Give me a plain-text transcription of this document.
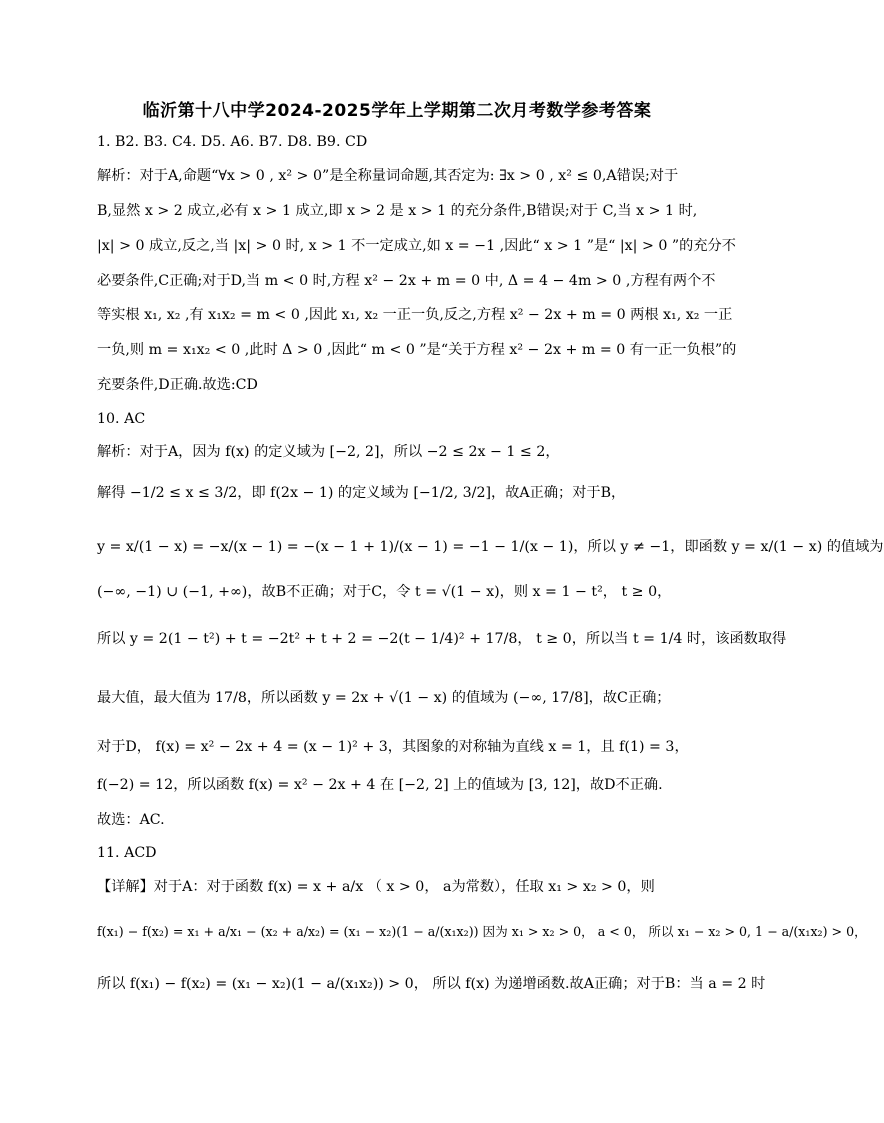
临沂第十八中学2024-2025学年上学期第二次月考数学参考答案
1. B2. B3. C4. D5. A6. B7. D8. B9. CD
解析：对于A,命题“∀x > 0 , x² > 0”是全称量词命题,其否定为: ∃x > 0 , x² ≤ 0,A错误;对于
B,显然 x > 2 成立,必有 x > 1 成立,即 x > 2 是 x > 1 的充分条件,B错误;对于 C,当 x > 1 时,
|x| > 0 成立,反之,当 |x| > 0 时, x > 1 不一定成立,如 x = −1 ,因此“ x > 1 ”是“ |x| > 0 ”的充分不
必要条件,C正确;对于D,当 m < 0 时,方程 x² − 2x + m = 0 中, Δ = 4 − 4m > 0 ,方程有两个不
等实根 x₁, x₂ ,有 x₁x₂ = m < 0 ,因此 x₁, x₂ 一正一负,反之,方程 x² − 2x + m = 0 两根 x₁, x₂ 一正
一负,则 m = x₁x₂ < 0 ,此时 Δ > 0 ,因此“ m < 0 ”是“关于方程 x² − 2x + m = 0 有一正一负根”的
充要条件,D正确.故选:CD
10. AC
解析：对于A，因为 f(x) 的定义域为 [−2, 2]，所以 −2 ≤ 2x − 1 ≤ 2，
解得 −1/2 ≤ x ≤ 3/2，即 f(2x − 1) 的定义域为 [−1/2, 3/2]，故A正确；对于B，
y = x/(1 − x) = −x/(x − 1) = −(x − 1 + 1)/(x − 1) = −1 − 1/(x − 1)，所以 y ≠ −1，即函数 y = x/(1 − x) 的值域为
(−∞, −1) ∪ (−1, +∞)，故B不正确；对于C，令 t = √(1 − x)，则 x = 1 − t²， t ≥ 0，
所以 y = 2(1 − t²) + t = −2t² + t + 2 = −2(t − 1/4)² + 17/8， t ≥ 0，所以当 t = 1/4 时，该函数取得
最大值，最大值为 17/8，所以函数 y = 2x + √(1 − x) 的值域为 (−∞, 17/8]，故C正确；
对于D， f(x) = x² − 2x + 4 = (x − 1)² + 3，其图象的对称轴为直线 x = 1，且 f(1) = 3，
f(−2) = 12，所以函数 f(x) = x² − 2x + 4 在 [−2, 2] 上的值域为 [3, 12]，故D不正确.
故选：AC.
11. ACD
【详解】对于A：对于函数 f(x) = x + a/x （ x > 0， a为常数），任取 x₁ > x₂ > 0，则
f(x₁) − f(x₂) = x₁ + a/x₁ − (x₂ + a/x₂) = (x₁ − x₂)(1 − a/(x₁x₂)) 因为 x₁ > x₂ > 0， a < 0， 所以 x₁ − x₂ > 0, 1 − a/(x₁x₂) > 0，
所以 f(x₁) − f(x₂) = (x₁ − x₂)(1 − a/(x₁x₂)) > 0， 所以 f(x) 为递增函数.故A正确；对于B：当 a = 2 时
